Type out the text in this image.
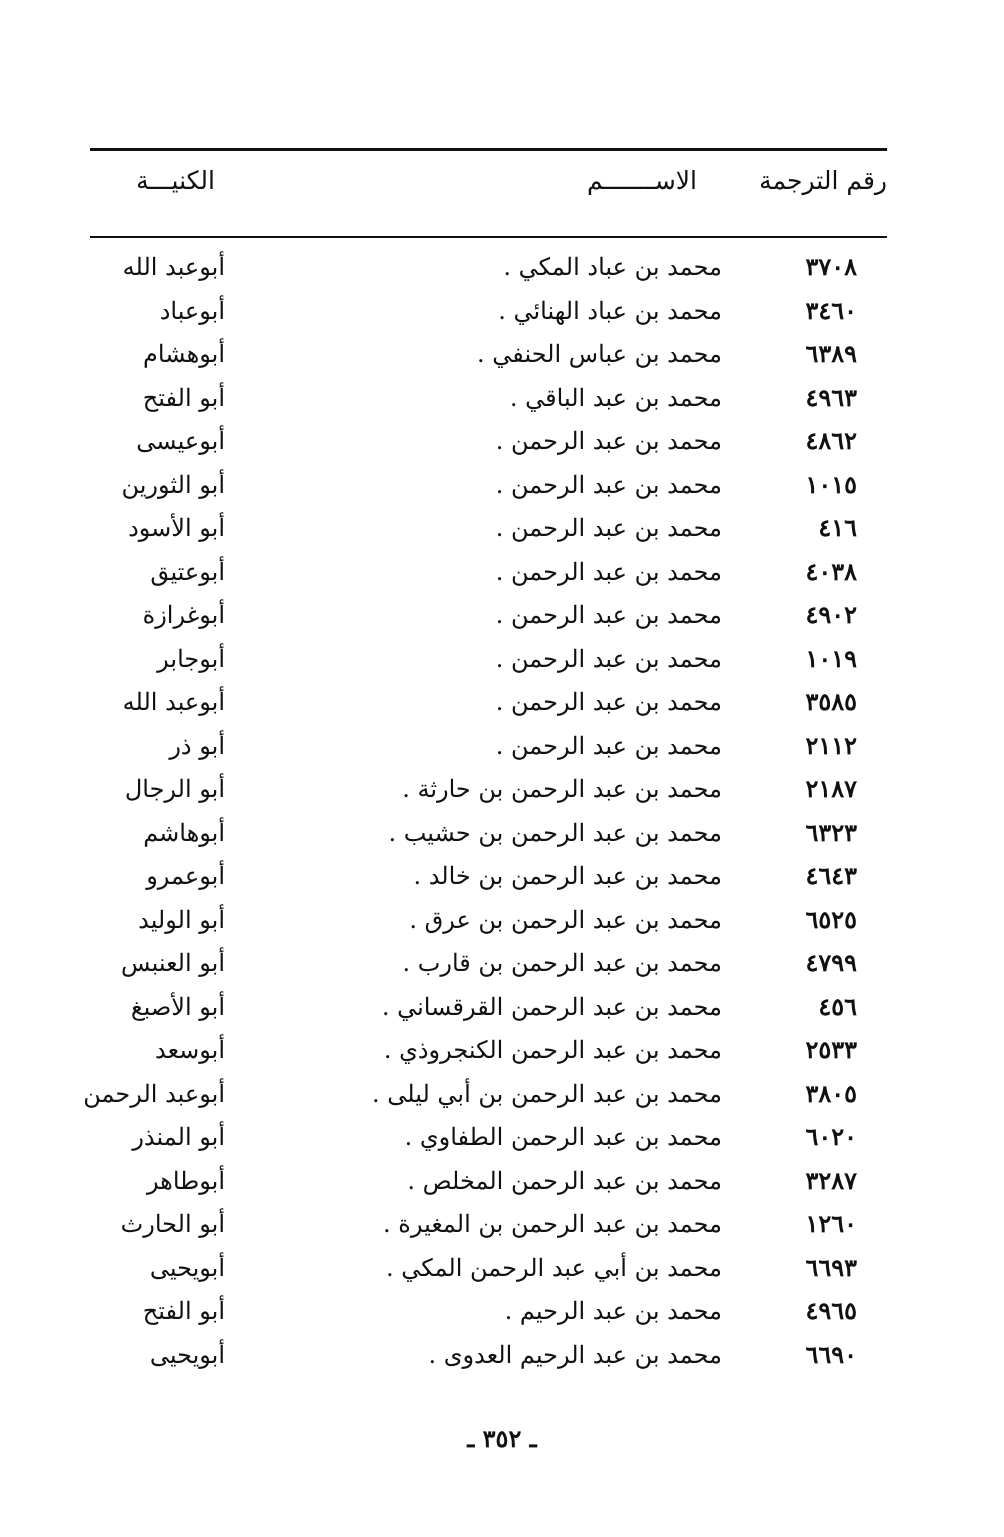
رقم الترجمة
الاســـــــم
الكنيـــة
٣٧٠٨
محمد بن عباد المكي .
أبوعبد الله
٣٤٦٠
محمد بن عباد الهنائي .
أبوعباد
٦٣٨٩
محمد بن عباس الحنفي .
أبوهشام
٤٩٦٣
محمد بن عبد الباقي .
أبو الفتح
٤٨٦٢
محمد بن عبد الرحمن .
أبوعيسى
١٠١٥
محمد بن عبد الرحمن .
أبو الثورين
٤١٦
محمد بن عبد الرحمن .
أبو الأسود
٤٠٣٨
محمد بن عبد الرحمن .
أبوعتيق
٤٩٠٢
محمد بن عبد الرحمن .
أبوغرازة
١٠١٩
محمد بن عبد الرحمن .
أبوجابر
٣٥٨٥
محمد بن عبد الرحمن .
أبوعبد الله
٢١١٢
محمد بن عبد الرحمن .
أبو ذر
٢١٨٧
محمد بن عبد الرحمن بن حارثة .
أبو الرجال
٦٣٢٣
محمد بن عبد الرحمن بن حشيب .
أبوهاشم
٤٦٤٣
محمد بن عبد الرحمن بن خالد .
أبوعمرو
٦٥٢٥
محمد بن عبد الرحمن بن عرق .
أبو الوليد
٤٧٩٩
محمد بن عبد الرحمن بن قارب .
أبو العنبس
٤٥٦
محمد بن عبد الرحمن القرقساني .
أبو الأصبغ
٢٥٣٣
محمد بن عبد الرحمن الكنجروذي .
أبوسعد
٣٨٠٥
محمد بن عبد الرحمن بن أبي ليلى .
أبوعبد الرحمن
٦٠٢٠
محمد بن عبد الرحمن الطفاوي .
أبو المنذر
٣٢٨٧
محمد بن عبد الرحمن المخلص .
أبوطاهر
١٢٦٠
محمد بن عبد الرحمن بن المغيرة .
أبو الحارث
٦٦٩٣
محمد بن أبي عبد الرحمن المكي .
أبويحيى
٤٩٦٥
محمد بن عبد الرحيم .
أبو الفتح
٦٦٩٠
محمد بن عبد الرحيم العدوى .
أبويحيى
ـ ٣٥٢ ـ
